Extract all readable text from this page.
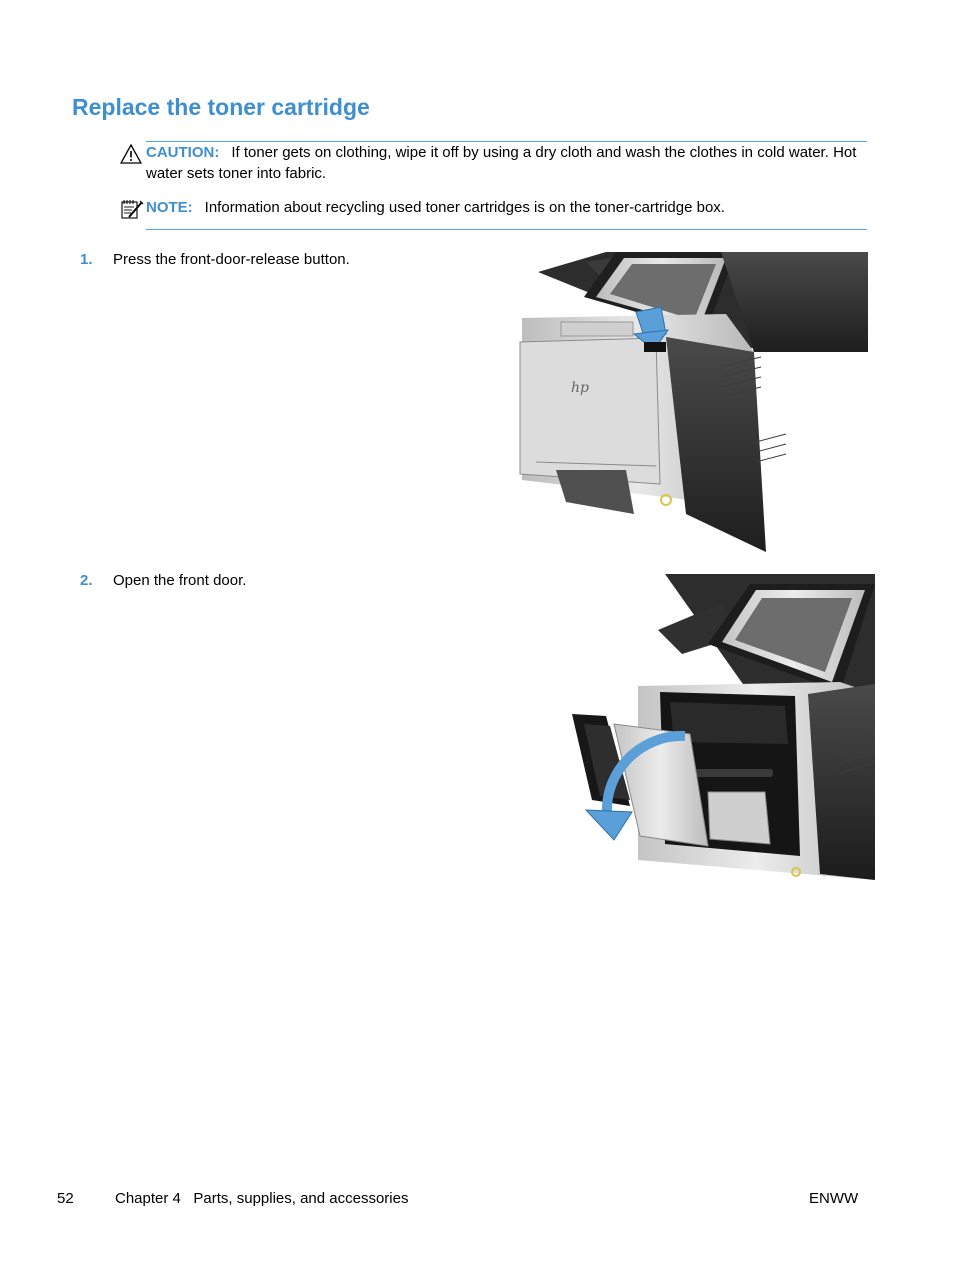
Replace the toner cartridge
CAUTION: If toner gets on clothing, wipe it off by using a dry cloth and wash the clothes in cold water. Hot water sets toner into fabric.
NOTE: Information about recycling used toner cartridges is on the toner-cartridge box.
1. Press the front-door-release button.
hp
2. Open the front door.
52	Chapter 4   Parts, supplies, and accessories	ENWW
